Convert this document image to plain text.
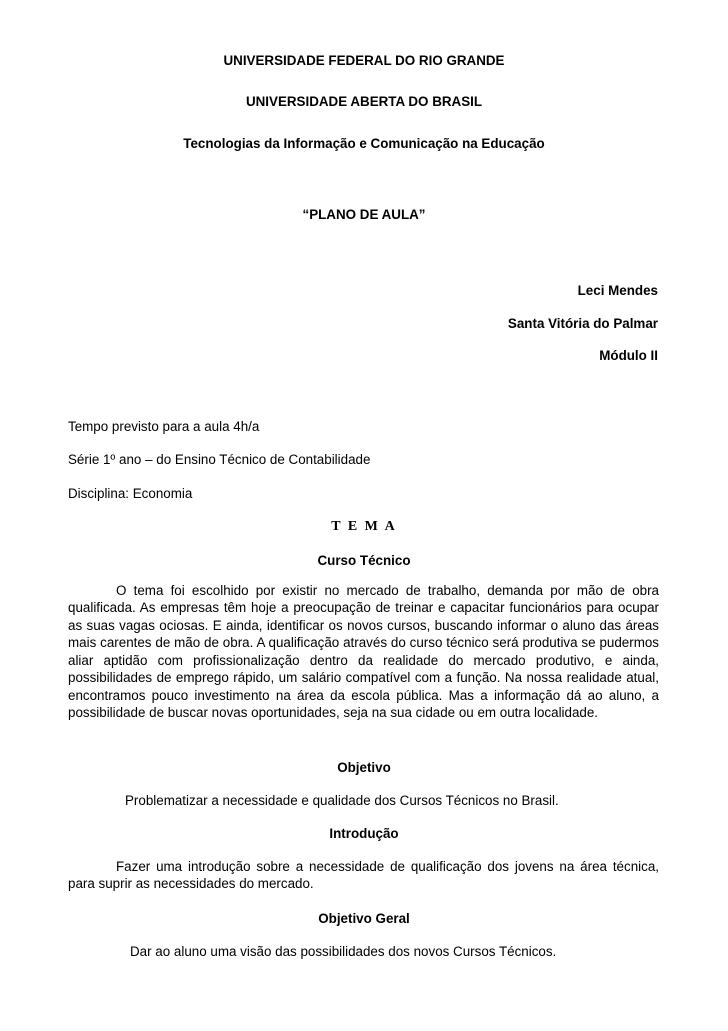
UNIVERSIDADE FEDERAL DO RIO GRANDE
UNIVERSIDADE ABERTA DO BRASIL
Tecnologias da Informação e Comunicação na Educação
“PLANO DE AULA”
Leci Mendes
Santa Vitória do Palmar
Módulo II
Tempo previsto para a aula 4h/a
Série 1º ano – do Ensino Técnico de Contabilidade
Disciplina: Economia
T E M A
Curso Técnico

O tema foi escolhido por existir no mercado de trabalho, demanda por mão de obra qualificada. As empresas têm hoje a preocupação de treinar e capacitar funcionários para ocupar as suas vagas ociosas. E ainda, identificar os novos cursos, buscando informar o aluno das áreas mais carentes de mão de obra. A qualificação através do curso técnico será produtiva se pudermos aliar aptidão com profissionalização dentro da realidade do mercado produtivo, e ainda, possibilidades de emprego rápido, um salário compatível com a função. Na nossa realidade atual, encontramos pouco investimento na área da escola pública. Mas a informação dá ao aluno, a possibilidade de buscar novas oportunidades, seja na sua cidade ou em outra localidade.

Objetivo
Problematizar a necessidade e qualidade dos Cursos Técnicos no Brasil.
Introdução

Fazer uma introdução sobre a necessidade de qualificação dos jovens na área técnica, para suprir as necessidades do mercado.

Objetivo Geral
Dar ao aluno uma visão das possibilidades dos novos Cursos Técnicos.
